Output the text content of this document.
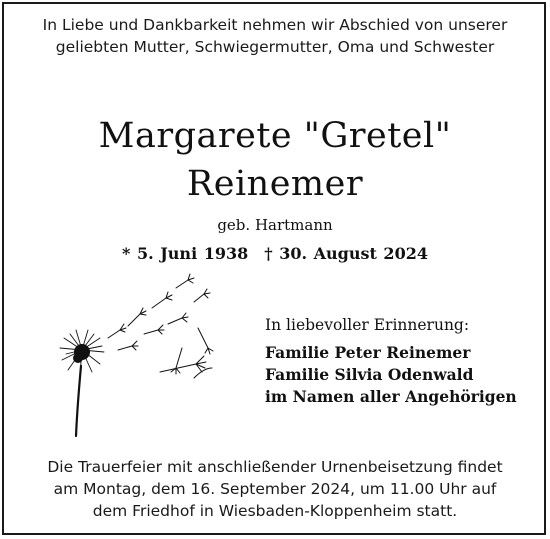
In Liebe und Dankbarkeit nehmen wir Abschied von unserer
geliebten Mutter, Schwiegermutter, Oma und Schwester
Margarete "Gretel"
Reinemer
geb. Hartmann
* 5. Juni 1938 † 30. August 2024
In liebevoller Erinnerung:
Familie Peter Reinemer
Familie Silvia Odenwald
im Namen aller Angehörigen
Die Trauerfeier mit anschließender Urnenbeisetzung findet
am Montag, dem 16. September 2024, um 11.00 Uhr auf
dem Friedhof in Wiesbaden-Kloppenheim statt.
